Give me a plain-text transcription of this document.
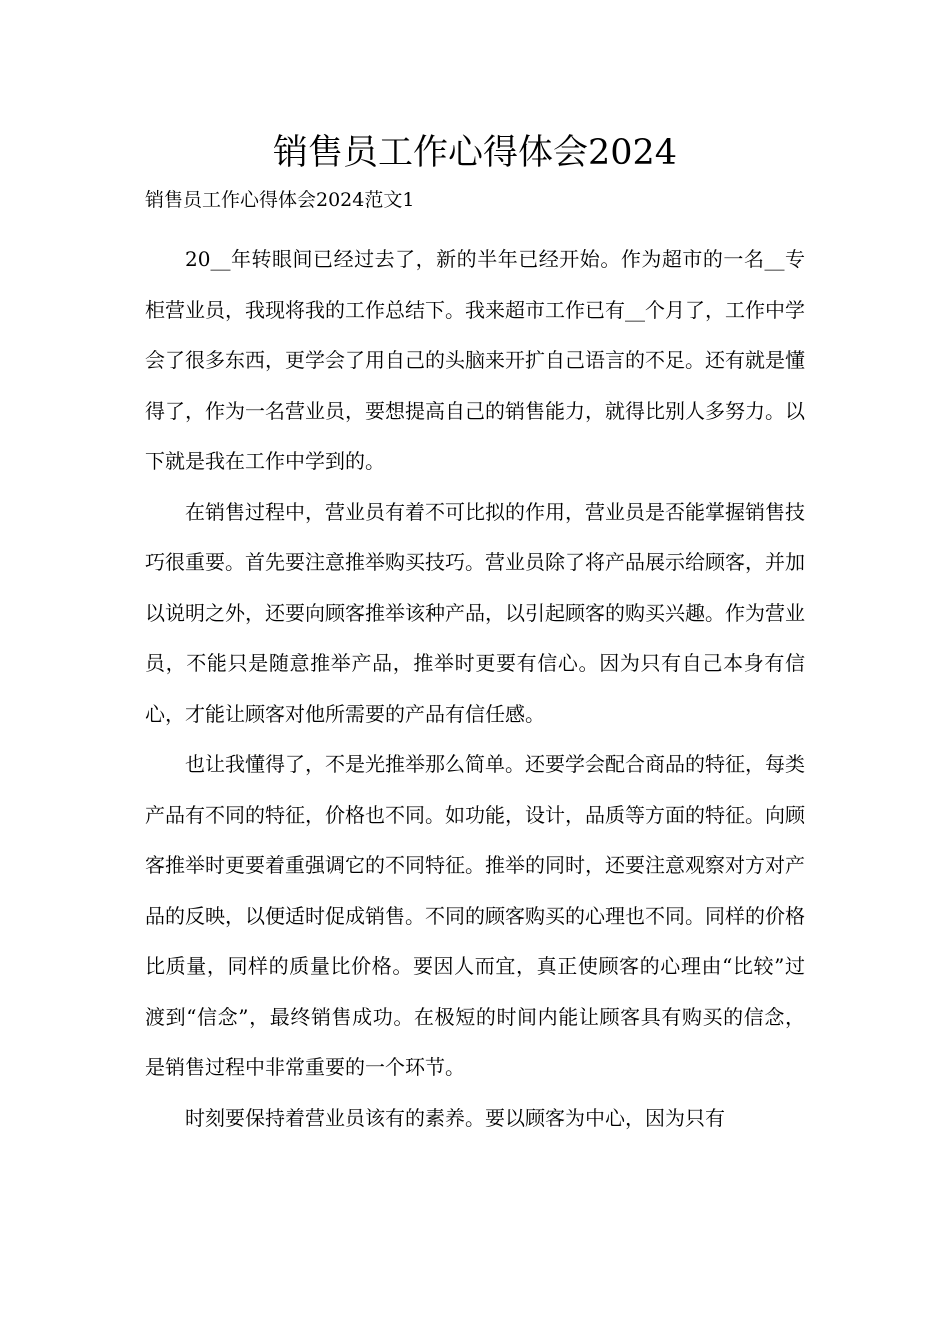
销售员工作心得体会2024

销售员工作心得体会2024范文1

20__年转眼间已经过去了，新的半年已经开始。作为超市的一名__专柜营业员，我现将我的工作总结下。我来超市工作已有__个月了，工作中学会了很多东西，更学会了用自己的头脑来开扩自己语言的不足。还有就是懂得了，作为一名营业员，要想提高自己的销售能力，就得比别人多努力。以下就是我在工作中学到的。

在销售过程中，营业员有着不可比拟的作用，营业员是否能掌握销售技巧很重要。首先要注意推举购买技巧。营业员除了将产品展示给顾客，并加以说明之外，还要向顾客推举该种产品，以引起顾客的购买兴趣。作为营业员，不能只是随意推举产品，推举时更要有信心。因为只有自己本身有信心，才能让顾客对他所需要的产品有信任感。

也让我懂得了，不是光推举那么简单。还要学会配合商品的特征，每类产品有不同的特征，价格也不同。如功能，设计，品质等方面的特征。向顾客推举时更要着重强调它的不同特征。推举的同时，还要注意观察对方对产品的反映，以便适时促成销售。不同的顾客购买的心理也不同。同样的价格比质量，同样的质量比价格。要因人而宜，真正使顾客的心理由“比较”过渡到“信念”，最终销售成功。在极短的时间内能让顾客具有购买的信念，是销售过程中非常重要的一个环节。

时刻要保持着营业员该有的素养。要以顾客为中心，因为只有
